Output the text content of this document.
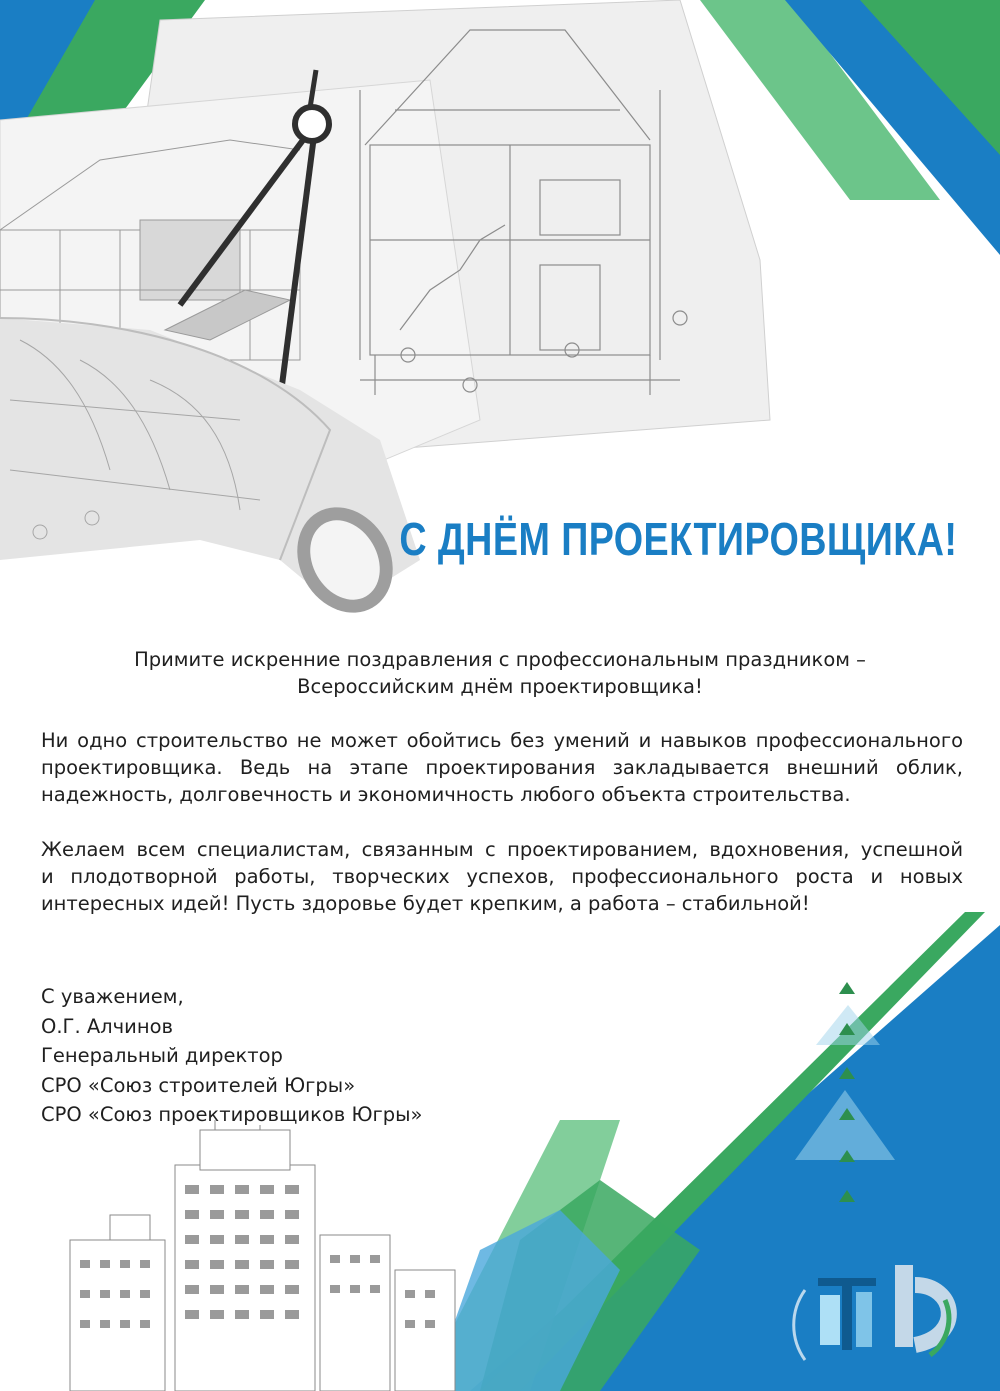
С ДНЁМ ПРОЕКТИРОВЩИКА!
Примите искренние поздравления с профессиональным праздником –
Всероссийским днём проектировщика!
Ни одно строительство не может обойтись без умений и навыков профессионального
проектировщика. Ведь на этапе проектирования закладывается внешний облик,
надежность, долговечность и экономичность любого объекта строительства.
Желаем всем специалистам, связанным с проектированием, вдохновения, успешной
и плодотворной работы, творческих успехов, профессионального роста и новых
интересных идей! Пусть здоровье будет крепким, а работа – стабильной!
С уважением,
О.Г. Алчинов
Генеральный директор
СРО «Союз строителей Югры»
СРО «Союз проектировщиков Югры»
